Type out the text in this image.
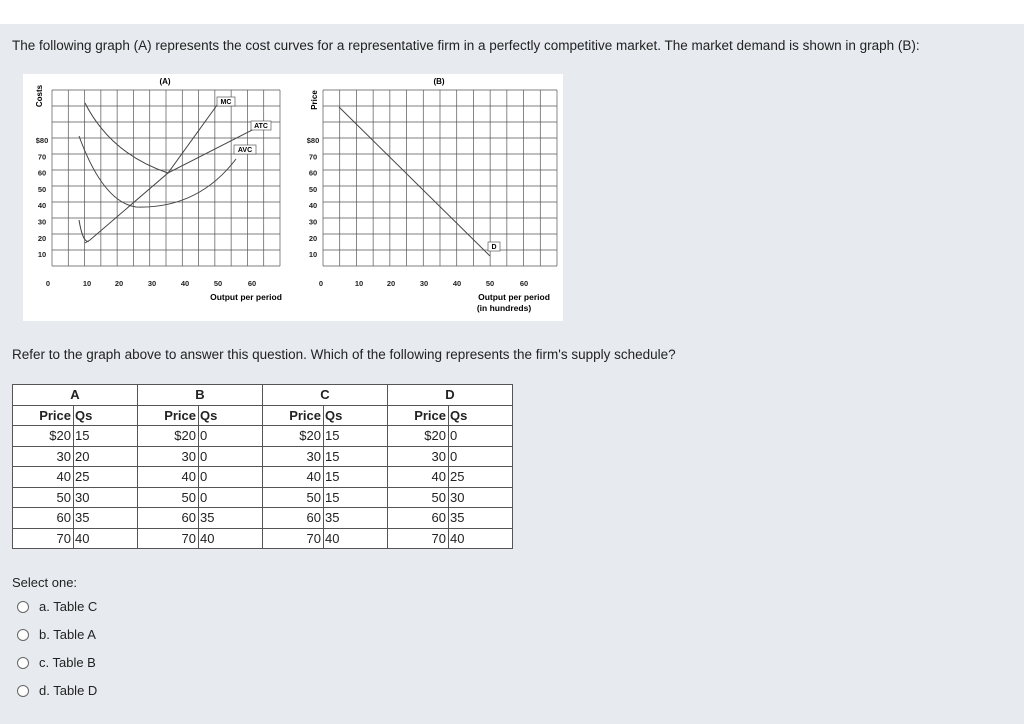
The following graph (A) represents the cost curves for a representative firm in a perfectly competitive market. The market demand is shown in graph (B):
(A)
Costs
$80
70
60
50
40
30
20
10
0	10	20	30	40	50	60
Output per period
MC
ATC
AVC
(B)
Price
$80
70
60
50
40
30
20
10
0	10	20	30	40	50	60
Output per period
(in hundreds)
D
Refer to the graph above to answer this question. Which of the following represents the firm's supply schedule?
A		B		C		D	
Price	Qs	Price	Qs	Price	Qs	Price	Qs
$20	15	$20	0	$20	15	$20	0
30	20	30	0	30	15	30	0
40	25	40	0	40	15	40	25
50	30	50	0	50	15	50	30
60	35	60	35	60	35	60	35
70	40	70	40	70	40	70	40
Select one:
a. Table C
b. Table A
c. Table B
d. Table D
